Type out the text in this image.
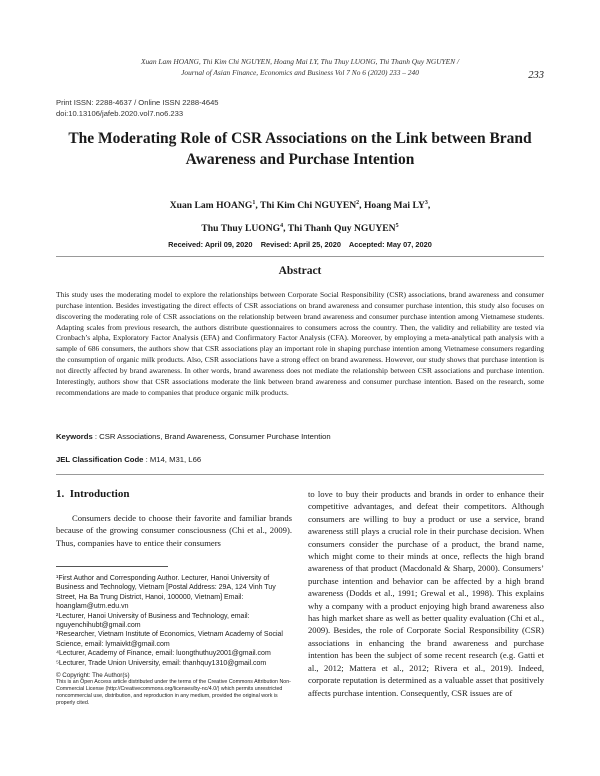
Xuan Lam HOANG, Thi Kim Chi NGUYEN, Hoang Mai LY, Thu Thuy LUONG, Thi Thanh Quy NGUYEN /
Journal of Asian Finance, Economics and Business Vol 7 No 6 (2020) 233 – 240	233
Print ISSN: 2288-4637 / Online ISSN 2288-4645
doi:10.13106/jafeb.2020.vol7.no6.233
The Moderating Role of CSR Associations on the Link between Brand
Awareness and Purchase Intention
Xuan Lam HOANG$^1$, Thi Kim Chi NGUYEN$^2$, Hoang Mai $LY^3$,
Thu Thuy LUONG$^4$, Thi Thanh Quy NGUYEN$^5$
Received: April 09, 2020    Revised: April 25, 2020    Accepted: May 07, 2020
Abstract
This study uses the moderating model to explore the relationships between Corporate Social Responsibility (CSR) associations, brand awareness and consumer purchase intention. Besides investigating the direct effects of CSR associations on brand awareness and consumer purchase intention, this study also focuses on discovering the moderating role of CSR associations on the relationship between brand awareness and consumer purchase intention among Vietnamese students. Adapting scales from previous research, the authors distribute questionnaires to consumers across the country. Then, the validity and reliability are tested via Cronbach’s alpha, Exploratory Factor Analysis (EFA) and Confirmatory Factor Analysis (CFA). Moreover, by employing a meta-analytical path analysis with a sample of 686 consumers, the authors show that CSR associations play an important role in shaping purchase intention among Vietnamese consumers regarding the consumption of organic milk products. Also, CSR associations have a strong effect on brand awareness. However, our study shows that purchase intention is not directly affected by brand awareness. In other words, brand awareness does not mediate the relationship between CSR associations and purchase intention. Interestingly, authors show that CSR associations moderate the link between brand awareness and consumer purchase intention. Based on the research, some recommendations are made to companies that produce organic milk products.
Keywords : CSR Associations, Brand Awareness, Consumer Purchase Intention
JEL Classification Code : M14, M31, L66
1.  Introduction
Consumers decide to choose their favorite and familiar brands because of the growing consumer consciousness (Chi et al., 2009). Thus, companies have to entice their consumers

¹First Author and Corresponding Author. Lecturer, Hanoi University of Business and Technology, Vietnam [Postal Address: 29A, 124 Vinh Tuy Street, Ha Ba Trung District, Hanoi, 100000, Vietnam] Email: hoanglam@utm.edu.vn

²Lecturer, Hanoi University of Business and Technology, email: nguyenchihubt@gmail.com

³Researcher, Vietnam Institute of Economics, Vietnam Academy of Social Science, email: lymaivkt@gmail.com

⁴Lecturer, Academy of Finance, email: luongthuthuy2001@gmail.com

⁵Lecturer, Trade Union University, email: thanhquy1310@gmail.com

© Copyright: The Author(s)

This is an Open Access article distributed under the terms of the Creative Commons Attribution Non-Commercial License (http://Creativecommons.org/licenses/by-nc/4.0/) which permits unrestricted noncommercial use, distribution, and reproduction in any medium, provided the original work is properly cited.

to love to buy their products and brands in order to enhance their competitive advantages, and defeat their competitors. Although consumers are willing to buy a product or use a service, brand awareness still plays a crucial role in their purchase decision. When consumers consider the purchase of a product, the brand name, which might come to their minds at once, reflects the high brand awareness of that product (Macdonald & Sharp, 2000). Consumers’ purchase intention and behavior can be affected by a high brand awareness (Dodds et al., 1991; Grewal et al., 1998). This explains why a company with a product enjoying high brand awareness also has high market share as well as better quality evaluation (Chi et al., 2009). Besides, the role of Corporate Social Responsibility (CSR) associations in enhancing the brand awareness and purchase intention has been the subject of some recent research (e.g. Gatti et al., 2012; Mattera et al., 2012; Rivera et al., 2019). Indeed, corporate reputation is determined as a valuable asset that positively affects purchase intention. Consequently, CSR issues are of
